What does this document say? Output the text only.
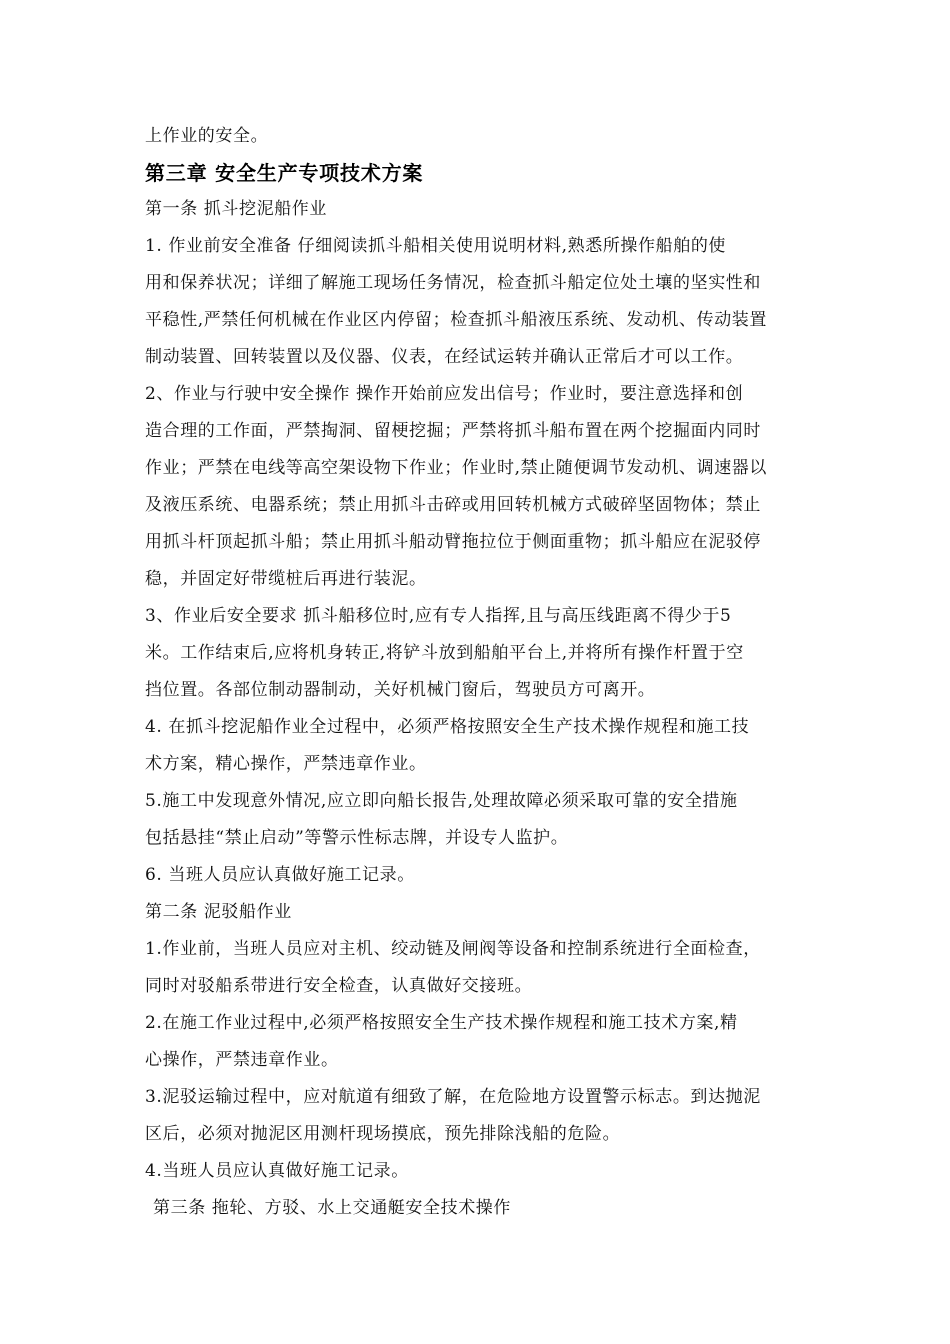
上作业的安全。
第三章 安全生产专项技术方案
第一条 抓斗挖泥船作业
1. 作业前安全准备 仔细阅读抓斗船相关使用说明材料,熟悉所操作船舶的使
用和保养状况；详细了解施工现场任务情况，检查抓斗船定位处土壤的坚实性和
平稳性,严禁任何机械在作业区内停留；检查抓斗船液压系统、发动机、传动装置
制动装置、回转装置以及仪器、仪表，在经试运转并确认正常后才可以工作。
2、作业与行驶中安全操作 操作开始前应发出信号；作业时，要注意选择和创
造合理的工作面，严禁掏洞、留梗挖掘；严禁将抓斗船布置在两个挖掘面内同时
作业；严禁在电线等高空架设物下作业；作业时,禁止随便调节发动机、调速器以
及液压系统、电器系统；禁止用抓斗击碎或用回转机械方式破碎坚固物体；禁止
用抓斗杆顶起抓斗船；禁止用抓斗船动臂拖拉位于侧面重物；抓斗船应在泥驳停
稳，并固定好带缆桩后再进行装泥。
3、作业后安全要求 抓斗船移位时,应有专人指挥,且与高压线距离不得少于5
米。工作结束后,应将机身转正,将铲斗放到船舶平台上,并将所有操作杆置于空
挡位置。各部位制动器制动，关好机械门窗后，驾驶员方可离开。
4. 在抓斗挖泥船作业全过程中，必须严格按照安全生产技术操作规程和施工技
术方案，精心操作，严禁违章作业。
5.施工中发现意外情况,应立即向船长报告,处理故障必须采取可靠的安全措施
包括悬挂“禁止启动”等警示性标志牌，并设专人监护。
6. 当班人员应认真做好施工记录。
第二条 泥驳船作业
1.作业前，当班人员应对主机、绞动链及闸阀等设备和控制系统进行全面检查，
同时对驳船系带进行安全检查，认真做好交接班。
2.在施工作业过程中,必须严格按照安全生产技术操作规程和施工技术方案,精
心操作，严禁违章作业。
3.泥驳运输过程中，应对航道有细致了解，在危险地方设置警示标志。到达抛泥
区后，必须对抛泥区用测杆现场摸底，预先排除浅船的危险。
4.当班人员应认真做好施工记录。
第三条 拖轮、方驳、水上交通艇安全技术操作
